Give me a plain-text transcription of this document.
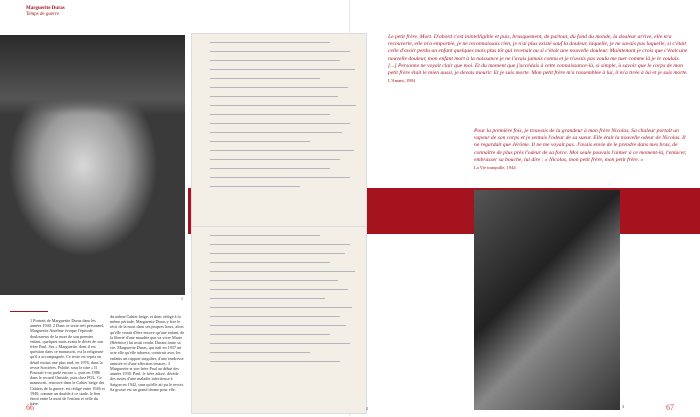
Marguerite Duras
Temps de guerre
1
2
Le petit frère. Mort. D'abord c'est inintelligible et puis, brusquement, de partout, du fond du monde, la douleur arrive, elle m'a recouverte, elle m'a emportée, je ne reconnaissais rien, je n'ai plus existé sauf la douleur, laquelle, je ne savais pas laquelle, si c'était celle d'avoir perdu un enfant quelques mois plus tôt qui revenait ou si c'était une nouvelle douleur. Maintenant je crois que c'était une nouvelle douleur, mon enfant mort à la naissance je ne l'avais jamais connu et je n'avais pas voulu me tuer comme là je le voulais. [...] Personne ne voyait clair que moi. Et du moment que j'accédais à cette connaissance-là, si simple, à savoir que le corps de mon petit frère était le mien aussi, je devais mourir. Et je suis morte. Mon petit frère m'a rassemblée à lui, il m'a tirée à lui et je suis morte.
L'Amant, 1984
Pour la première fois, je trouvais de la grandeur à mon frère Nicolas. Sa chaleur portait un vapeur de son corps et je sentais l'odeur de sa sueur. Elle était la nouvelle odeur de Nicolas. Il ne regardait que Jérôme. Il ne me voyait pas. J'avais envie de le prendre dans mes bras, de connaître de plus près l'odeur de sa force. Moi seule pouvais l'aimer à ce moment-là, l'enlacer, embrasser sa bouche, lui dire : « Nicolas, mon petit frère, mon petit frère. »
La Vie tranquille, 1944
3
1 Portrait de Marguerite Duras dans les années 1940. 2 Dans ce texte très personnel, Marguerite Antelme évoque l'épisode douloureux de la mort de son premier enfant, quelques mois avant le décès de son frère Paul. Ses « Marguerite, dont il est question dans ce manuscrit, est la religieuse qu'il a accompagnée. Ce texte est repris en détail moins une plus tard, en 1976, dans la revue Sorcières. Publié, sous le titre « Il Pourrait-t-on parlé encore », puis en 1986 dans le recueil Outside, puis chez POL. Ce manuscrit, retrouvé dans le Cahier beige des Cahiers de la guerre, est rédigé entre 1946 et 1949, comme un double à ce stade, le lien étroit entre la mort de l'enfant et celle du frère.
du même Cahier beige, et donc rédigé à la même période. Marguerite Duras y fixe le récit de la mort dans ses propres lieux, alors qu'elle venait d'être encore qu'une enfant, de la liberté d'une maudite que va vivre Marie (Bérénice) lui avait rendu. Durant toute sa vie, Marguerite Duras, qui naît en 1937 un acte elle qu'elle adorera, construit avec les enfants un rapport singulier, d'une tendresse amusée et d'une affection tenaces. 3 Marguerite et son frère Paul au début des années 1930. Paul, le frère adoré, décède des suites d'une maladie infectieuse à Saigon en 1942, sans qu'elle ait pu le revoir. Sa grosse est un grand drame pour elle.
66	67
